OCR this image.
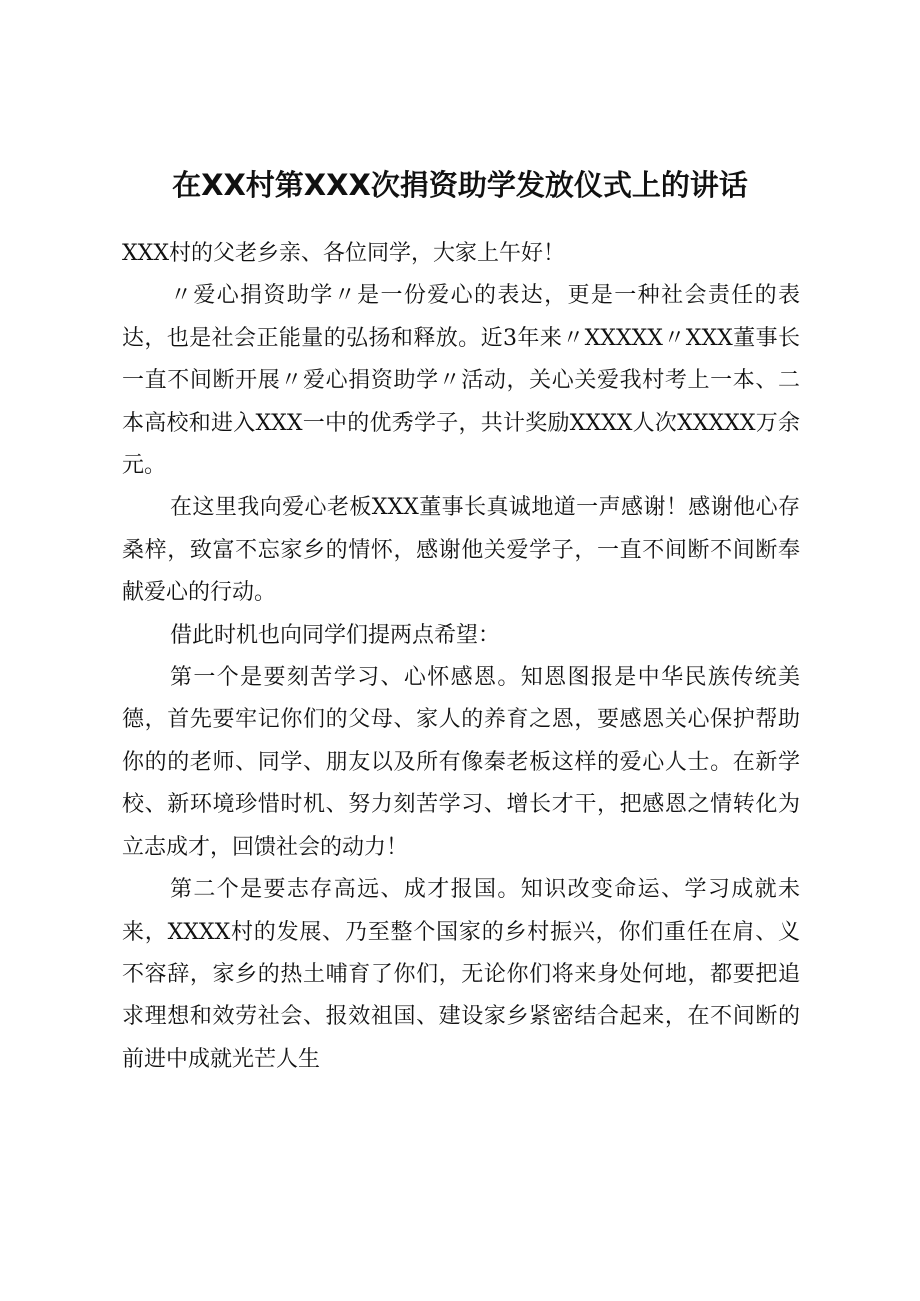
在XX村第XXX次捐资助学发放仪式上的讲话

XXX村的父老乡亲、各位同学，大家上午好！

〃爱心捐资助学〃是一份爱心的表达，更是一种社会责任的表达，也是社会正能量的弘扬和释放。近3年来〃XXXXX〃XXX董事长一直不间断开展〃爱心捐资助学〃活动，关心关爱我村考上一本、二本高校和进入XXX一中的优秀学子，共计奖励XXXX人次XXXXX万余元。

在这里我向爱心老板XXX董事长真诚地道一声感谢！感谢他心存桑梓，致富不忘家乡的情怀，感谢他关爱学子，一直不间断不间断奉献爱心的行动。

借此时机也向同学们提两点希望：

第一个是要刻苦学习、心怀感恩。知恩图报是中华民族传统美德，首先要牢记你们的父母、家人的养育之恩，要感恩关心保护帮助你的的老师、同学、朋友以及所有像秦老板这样的爱心人士。在新学校、新环境珍惜时机、努力刻苦学习、增长才干，把感恩之情转化为立志成才，回馈社会的动力！

第二个是要志存高远、成才报国。知识改变命运、学习成就未来，XXXX村的发展、乃至整个国家的乡村振兴，你们重任在肩、义不容辞，家乡的热土哺育了你们，无论你们将来身处何地，都要把追求理想和效劳社会、报效祖国、建设家乡紧密结合起来，在不间断的前进中成就光芒人生
